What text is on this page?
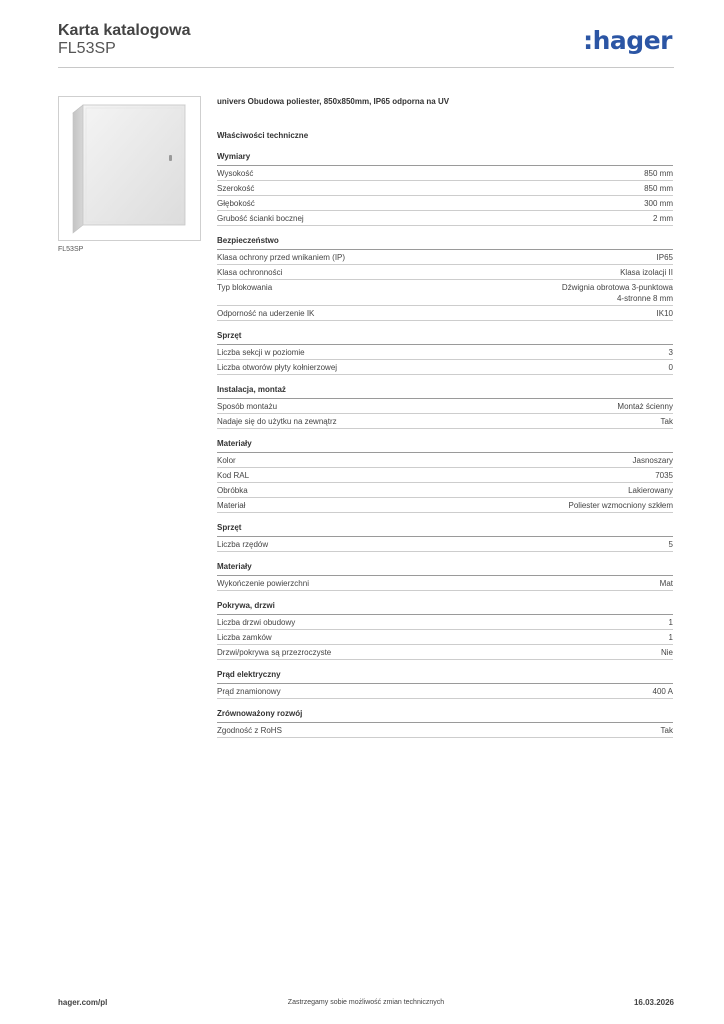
Karta katalogowa
FL53SP	:hager
FL53SP
univers Obudowa poliester, 850x850mm, IP65 odporna na UV
Właściwości techniczne
Wymiary
Wysokość	850 mm
Szerokość	850 mm
Głębokość	300 mm
Grubość ścianki bocznej	2 mm
Bezpieczeństwo
Klasa ochrony przed wnikaniem (IP)	IP65
Klasa ochronności	Klasa izolacji II
Typ blokowania	Dźwignia obrotowa 3-punktowa
4-stronne 8 mm
Odporność na uderzenie IK	IK10
Sprzęt
Liczba sekcji w poziomie	3
Liczba otworów płyty kołnierzowej	0
Instalacja, montaż
Sposób montażu	Montaż ścienny
Nadaje się do użytku na zewnątrz	Tak
Materiały
Kolor	Jasnoszary
Kod RAL	7035
Obróbka	Lakierowany
Materiał	Poliester wzmocniony szkłem
Sprzęt
Liczba rzędów	5
Materiały
Wykończenie powierzchni	Mat
Pokrywa, drzwi
Liczba drzwi obudowy	1
Liczba zamków	1
Drzwi/pokrywa są przezroczyste	Nie
Prąd elektryczny
Prąd znamionowy	400 A
Zrównoważony rozwój
Zgodność z RoHS	Tak
hager.com/pl	Zastrzegamy sobie możliwość zmian technicznych	16.03.2026
